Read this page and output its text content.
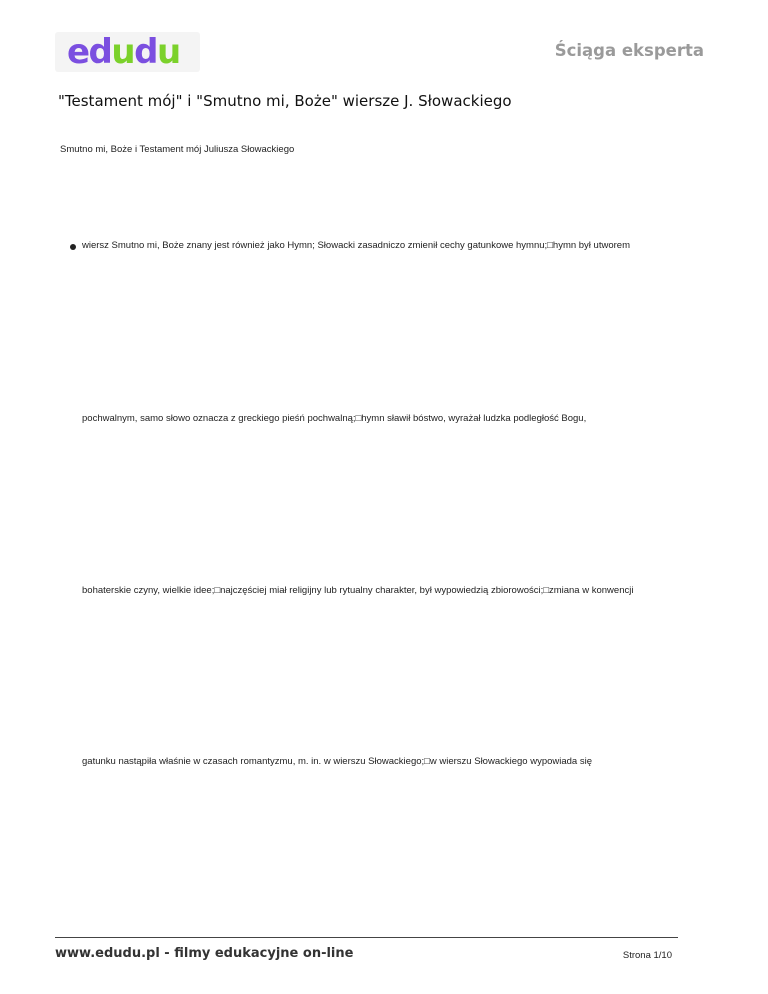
edudu	Ściąga eksperta
"Testament mój" i "Smutno mi, Boże" wiersze J. Słowackiego
Smutno mi, Boże i Testament mój Juliusza Słowackiego
wiersz Smutno mi, Boże znany jest również jako Hymn; Słowacki zasadniczo zmienił cechy gatunkowe hymnu;□hymn był utworem
pochwalnym, samo słowo oznacza z greckiego pieśń pochwalną;□hymn sławił bóstwo, wyrażał ludzka podległość Bogu,
bohaterskie czyny, wielkie idee;□najczęściej miał religijny lub rytualny charakter, był wypowiedzią zbiorowości;□zmiana w konwencji
gatunku nastąpiła właśnie w czasach romantyzmu, m. in. w wierszu Słowackiego;□w wierszu Słowackiego wypowiada się
www.edudu.pl - filmy edukacyjne on-line	Strona 1/10
